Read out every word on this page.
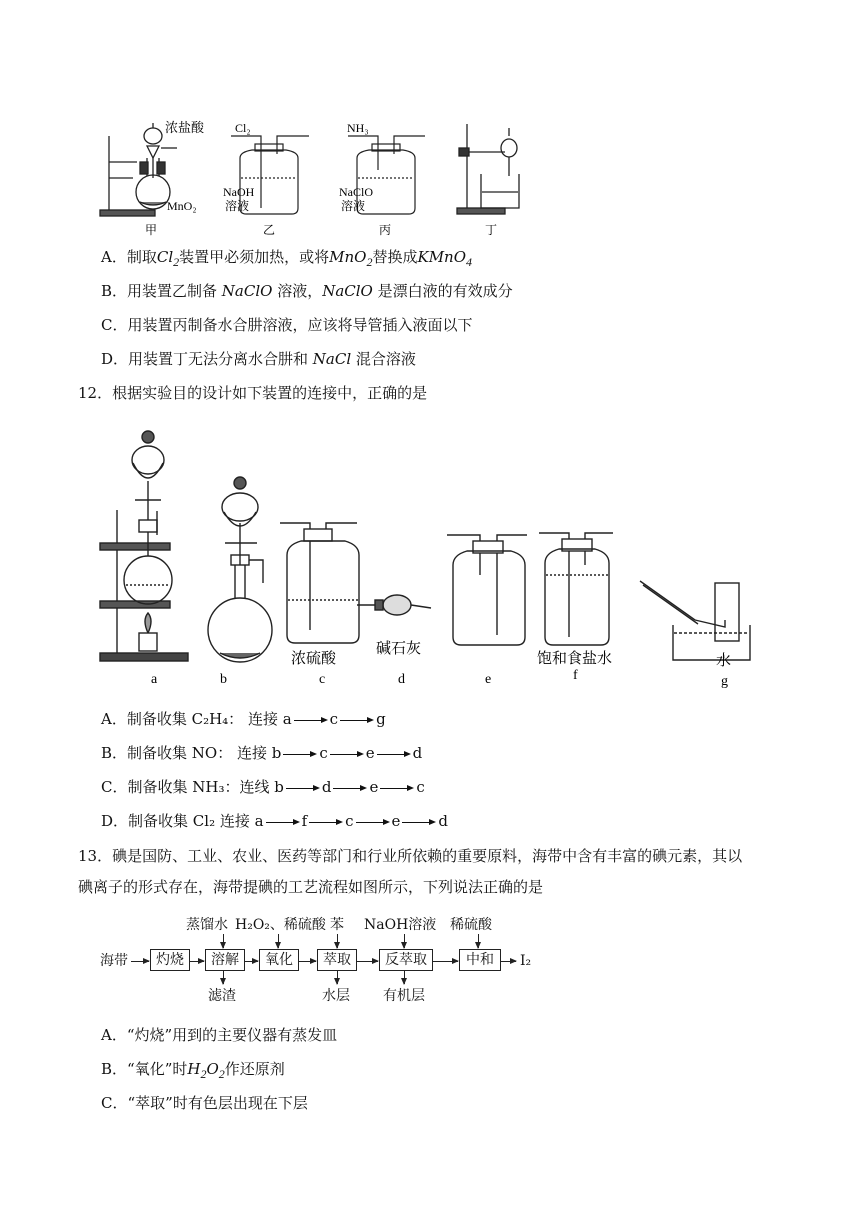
浓盐酸
MnO₂
甲
Cl₂
NaOH
溶液
乙
NH₃
NaClO
溶液
丙	丁
A．制取$Cl_2$装置甲必须加热，或将MnO$_2$替换成KMnO$_4$
B．用装置乙制备 NaClO 溶液，NaClO 是漂白液的有效成分
C．用装置丙制备水合肼溶液，应该将导管插入液面以下
D．用装置丁无法分离水合肼和 NaCl 混合溶液
12．根据实验目的设计如下装置的连接中，正确的是
浓硫酸
碱石灰
饱和食盐水	水
a	b	c	d	e	f	g
A．制备收集 C₂H₄： 连接 a	c	g
B．制备收集 NO： 连接 b	c	e	d
C．制备收集 NH₃：连线 b	d	e	c
D．制备收集 Cl₂ 连接 a	f	c	e	d
13．碘是国防、工业、农业、医药等部门和行业所依赖的重要原料，海带中含有丰富的碘元素，其以
碘离子的形式存在，海带提碘的工艺流程如图所示，下列说法正确的是
海带	灼烧	溶解	氧化	萃取	反萃取	中和	I₂
蒸馏水 H₂O₂、稀硫酸 苯 NaOH溶液 稀硫酸
滤渣	水层 有机层
A．“灼烧”用到的主要仪器有蒸发皿
B．“氧化”时$H_2O_2$作还原剂
C．“萃取”时有色层出现在下层
